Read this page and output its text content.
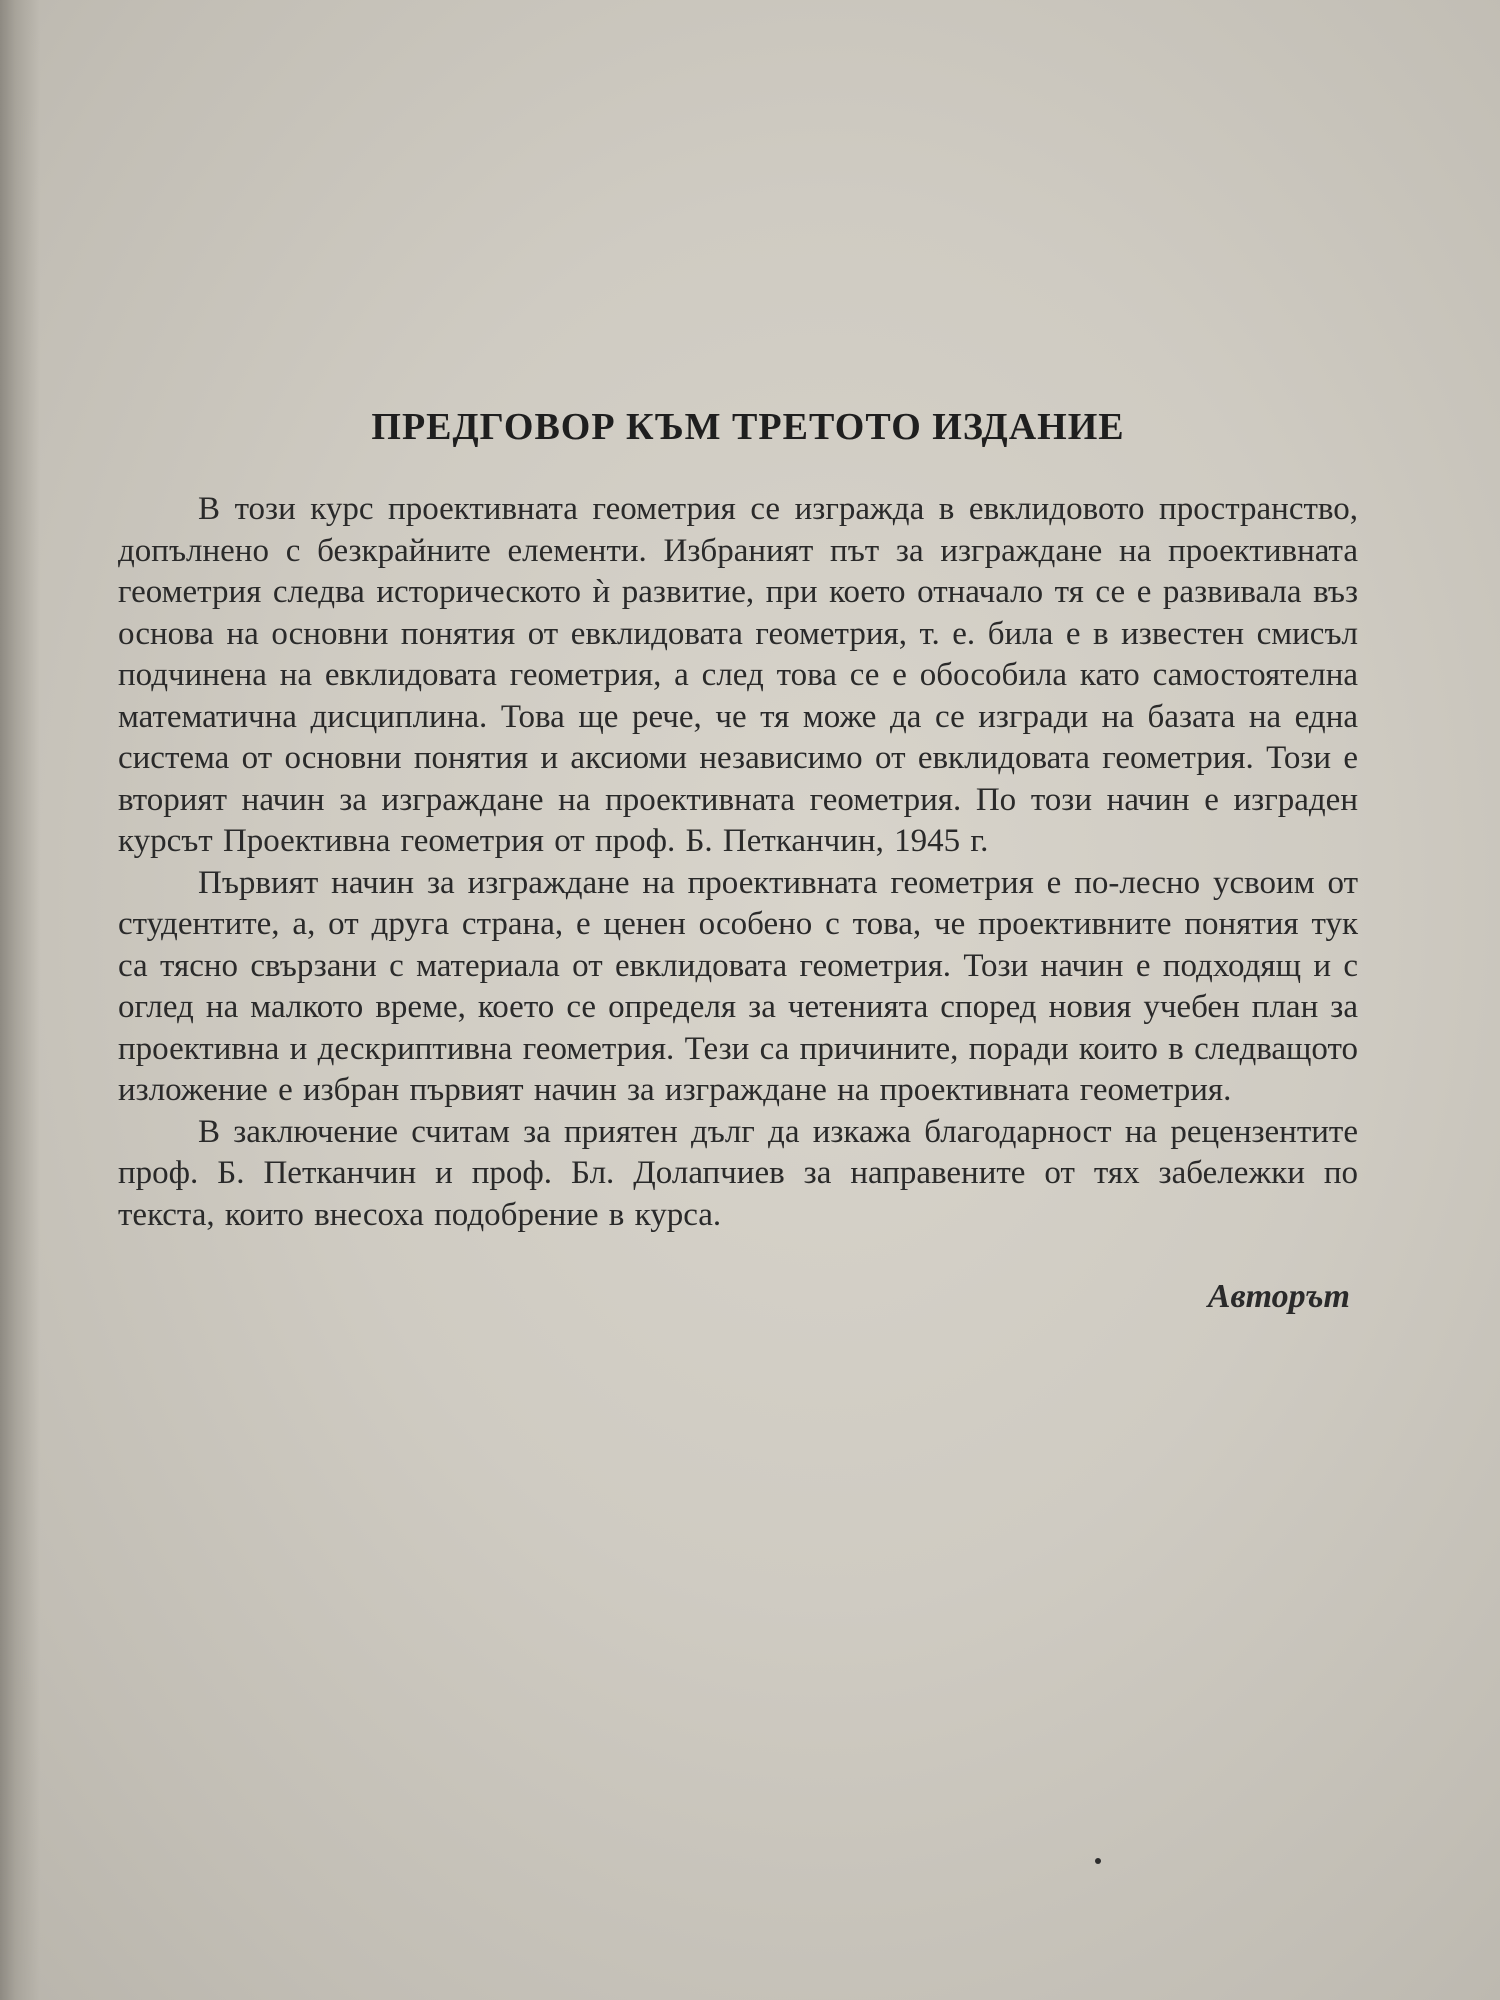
ПРЕДГОВОР КЪМ ТРЕТОТО ИЗДАНИЕ

В този курс проективната геометрия се изгражда в евклидовото пространство, допълнено с безкрайните елементи. Избраният път за изграждане на проективната геометрия следва историческото ѝ развитие, при което отначало тя се е развивала въз основа на основни понятия от евклидовата геометрия, т. е. била е в известен смисъл подчинена на евклидовата геометрия, а след това се е обособила като самостоятелна математична дисциплина. Това ще рече, че тя може да се изгради на базата на една система от основни понятия и аксиоми независимо от евклидовата геометрия. Този е вторият начин за изграждане на проективната геометрия. По този начин е изграден курсът Проективна геометрия от проф. Б. Петканчин, 1945 г.

Първият начин за изграждане на проективната геометрия е по-лесно усвоим от студентите, а, от друга страна, е ценен особено с това, че проективните понятия тук са тясно свързани с материала от евклидовата геометрия. Този начин е подходящ и с оглед на малкото време, което се определя за четенията според новия учебен план за проективна и дескриптивна геометрия. Тези са причините, поради които в следващото изложение е избран първият начин за изграждане на проективната геометрия.

В заключение считам за приятен дълг да изкажа благодарност на рецензентите проф. Б. Петканчин и проф. Бл. Долапчиев за направените от тях забележки по текста, които внесоха подобрение в курса.

Авторът
